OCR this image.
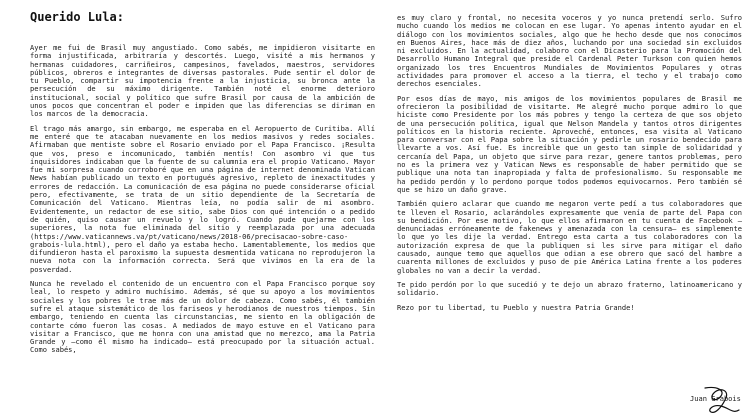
Querido Lula:

Ayer me fui de Brasil muy angustiado. Como sabés, me impidieron visitarte en forma injustificada, arbitraria y descortés. Luego, visité a mis hermanos y hermanas cuidadores, carriñeiros, campesinos, favelados, maestros, servidores públicos, obreros e integrantes de diversas pastorales. Pude sentir el dolor de tu Pueblo, compartir su impotencia frente a la injusticia, su bronca ante la persecución de su máximo dirigente. También noté el enorme deterioro institucional, social y político que sufre Brasil por causa de la ambición de unos pocos que concentran el poder e impiden que las diferencias se diriman en los marcos de la democracia.

El trago más amargo, sin embargo, me esperaba en el Aeropuerto de Curitiba. Allí me enteré que te atacaban nuevamente en los medios masivos y redes sociales. Afirmaban que mentiste sobre el Rosario enviado por el Papa Francisco. ¡Resulta que vos, preso e incomunicado, también mentís! Con asombro vi que tus inquisidores indicaban que la fuente de su calumnia era el propio Vaticano. Mayor fue mi sorpresa cuando corroboré que en una página de internet denominada Vatican News habían publicado un texto en portugués agresivo, repleto de inexactitudes y errores de redacción. La comunicación de esa página no puede considerarse oficial pero, efectivamente, se trata de un sitio dependiente de la Secretaría de Comunicación del Vaticano. Mientras leía, no podía salir de mi asombro. Evidentemente, un redactor de ese sitio, sabe Dios con qué intención o a pedido de quién, quiso causar un revuelo y lo logró. Cuando pude quejarme con los superiores, la nota fue eliminada del sitio y reemplazada por una adecuada (https://www.vaticannews.va/pt/vaticano/news/2018-06/precisacao-sobre-caso-grabois-lula.html), pero el daño ya estaba hecho. Lamentablemente, los medios que difundieron hasta el paroxismo la supuesta desmentida vaticana no reprodujeron la nueva nota con la información correcta. Será que vivimos en la era de la posverdad.

Nunca he revelado el contenido de un encuentro con el Papa Francisco porque soy leal, lo respeto y admiro muchísimo. Además, sé que su apoyo a los movimientos sociales y los pobres le trae más de un dolor de cabeza. Como sabés, él también sufre el ataque sistemático de los fariseos y herodianos de nuestros tiempos. Sin embargo, teniendo en cuenta las circunstancias, me siento en la obligación de contarte cómo fueron las cosas. A mediados de mayo estuve en el Vaticano para visitar a Francisco, que me honra con una amistad que no merezco, ama la Patria Grande y –como él mismo ha indicado– está preocupado por la situación actual. Como sabés,

es muy claro y frontal, no necesita voceros y yo nunca pretendí serlo. Sufro mucho cuando los medios me colocan en ese lugar. Yo apenas intento ayudar en el diálogo con los movimientos sociales, algo que he hecho desde que nos conocimos en Buenos Aires, hace más de diez años, luchando por una sociedad sin excluidos ni excluidos. En la actualidad, colaboro con el Dicasterio para la Promoción del Desarrollo Humano Integral que preside el Cardenal Peter Turkson con quien hemos organizado los tres Encuentros Mundiales de Movimientos Populares y otras actividades para promover el acceso a la tierra, el techo y el trabajo como derechos esenciales.

Por esos días de mayo, mis amigos de los movimientos populares de Brasil me ofrecieron la posibilidad de visitarte. Me alegré mucho porque admiro lo que hiciste como Presidente por los más pobres y tengo la certeza de que sos objeto de una persecución política, igual que Nelson Mandela y tantos otros dirigentes políticos en la historia reciente. Aproveché, entonces, esa visita al Vaticano para conversar con el Papa sobre la situación y pedirle un rosario bendecido para llevarte a vos. Así fue. Es increíble que un gesto tan simple de solidaridad y cercanía del Papa, un objeto que sirve para rezar, genere tantos problemas, pero no es la primera vez y Vatican News es responsable de haber permitido que se publique una nota tan inapropiada y falta de profesionalismo. Su responsable me ha pedido perdón y lo perdono porque todos podemos equivocarnos. Pero también sé que se hizo un daño grave.

También quiero aclarar que cuando me negaron verte pedí a tus colaboradores que te lleven el Rosario, aclarándoles expresamente que venía de parte del Papa con su bendición. Por ese motivo, lo que ellos afirmaron en tu cuenta de Facebook –denunciadas erróneamente de fakenews y amenazada con la censura– es simplemente lo que yo les dije la verdad. Entrego esta carta a tus colaboradores con la autorización expresa de que la publiquen si les sirve para mitigar el daño causado, aunque temo que aquellos que odian a ese obrero que sacó del hambre a cuarenta millones de excluidos y puso de pie América Latina frente a los poderes globales no van a decir la verdad.

Te pido perdón por lo que sucedió y te dejo un abrazo fraterno, latinoamericano y solidario.

Rezo por tu libertad, tu Pueblo y nuestra Patria Grande!

Juan Grabois
